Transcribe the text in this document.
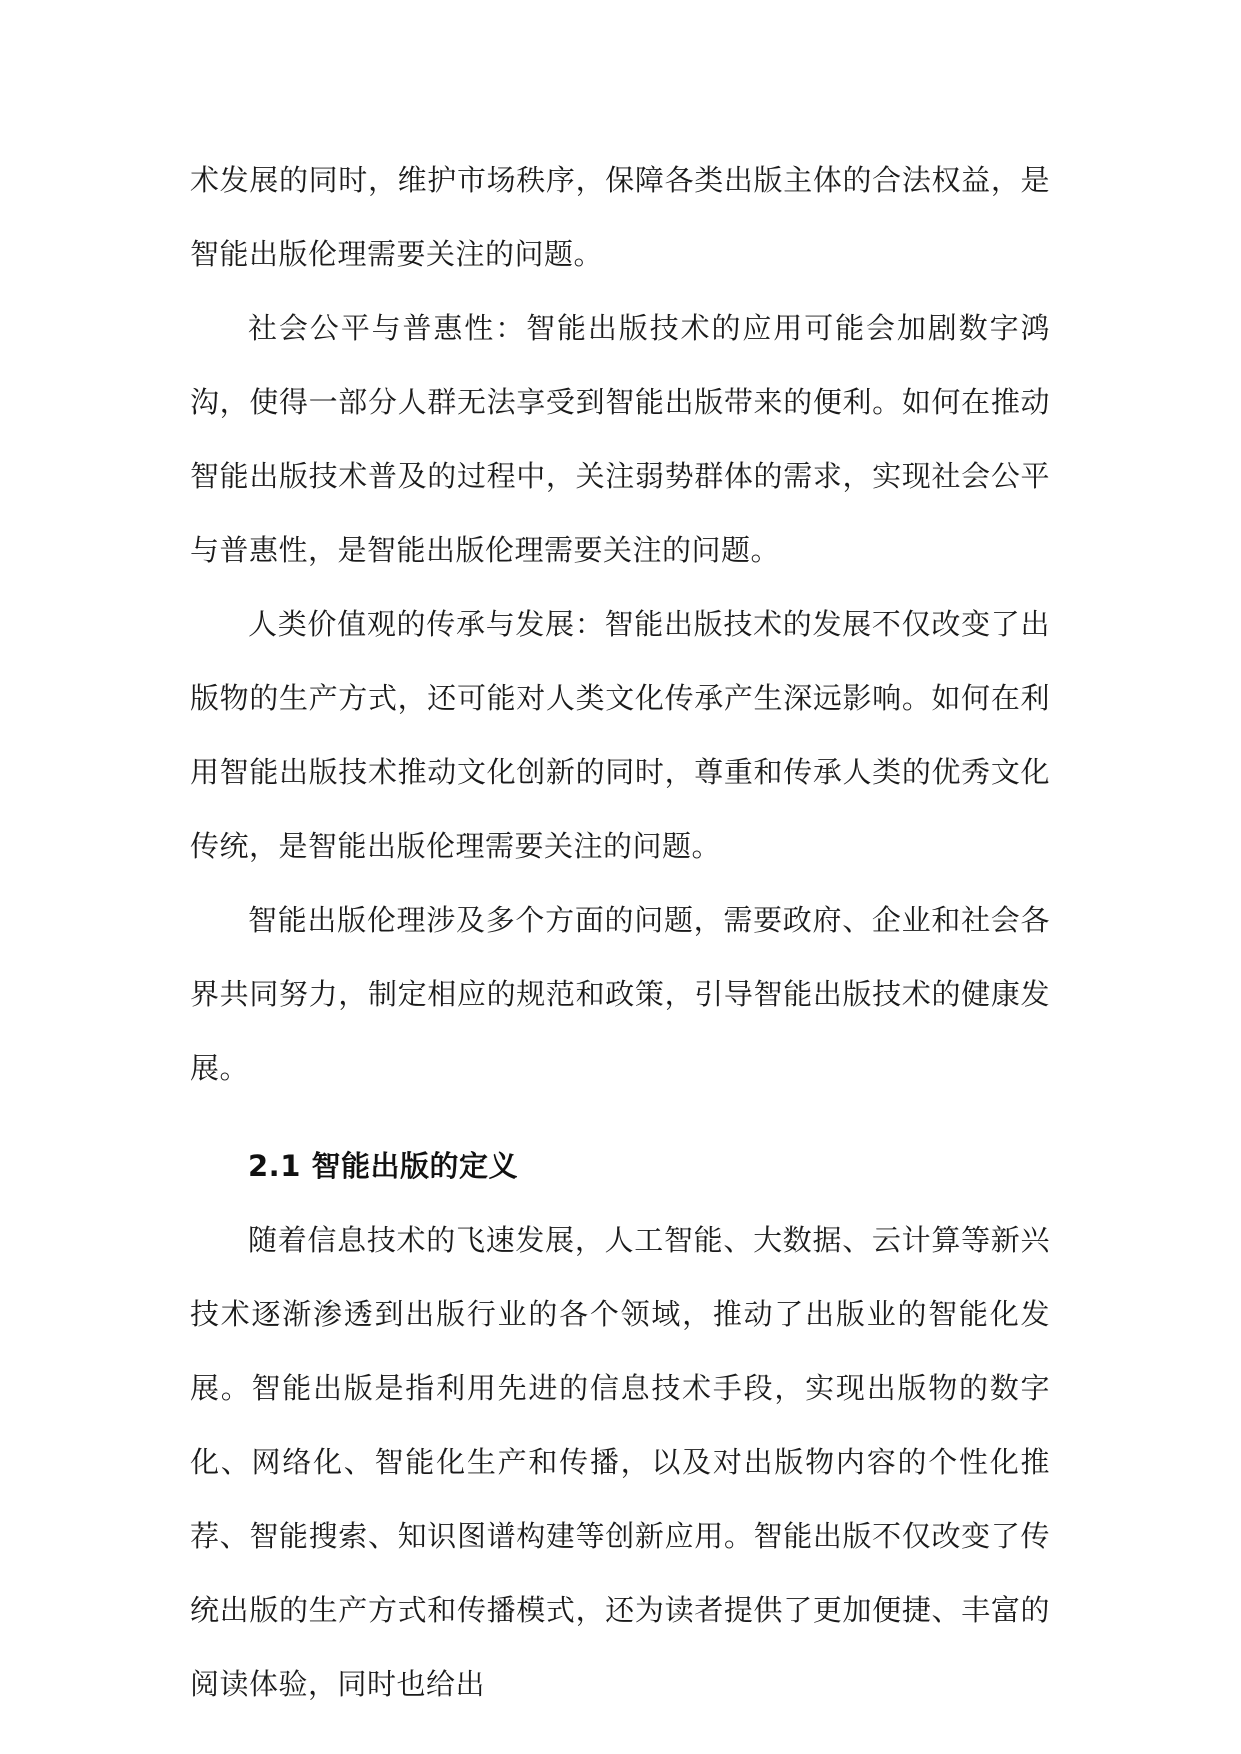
术发展的同时，维护市场秩序，保障各类出版主体的合法权益，是智能出版伦理需要关注的问题。

社会公平与普惠性：智能出版技术的应用可能会加剧数字鸿沟，使得一部分人群无法享受到智能出版带来的便利。如何在推动智能出版技术普及的过程中，关注弱势群体的需求，实现社会公平与普惠性，是智能出版伦理需要关注的问题。

人类价值观的传承与发展：智能出版技术的发展不仅改变了出版物的生产方式，还可能对人类文化传承产生深远影响。如何在利用智能出版技术推动文化创新的同时，尊重和传承人类的优秀文化传统，是智能出版伦理需要关注的问题。

智能出版伦理涉及多个方面的问题，需要政府、企业和社会各界共同努力，制定相应的规范和政策，引导智能出版技术的健康发展。

2.1 智能出版的定义

随着信息技术的飞速发展，人工智能、大数据、云计算等新兴技术逐渐渗透到出版行业的各个领域，推动了出版业的智能化发展。智能出版是指利用先进的信息技术手段，实现出版物的数字化、网络化、智能化生产和传播，以及对出版物内容的个性化推荐、智能搜索、知识图谱构建等创新应用。智能出版不仅改变了传统出版的生产方式和传播模式，还为读者提供了更加便捷、丰富的阅读体验，同时也给出
